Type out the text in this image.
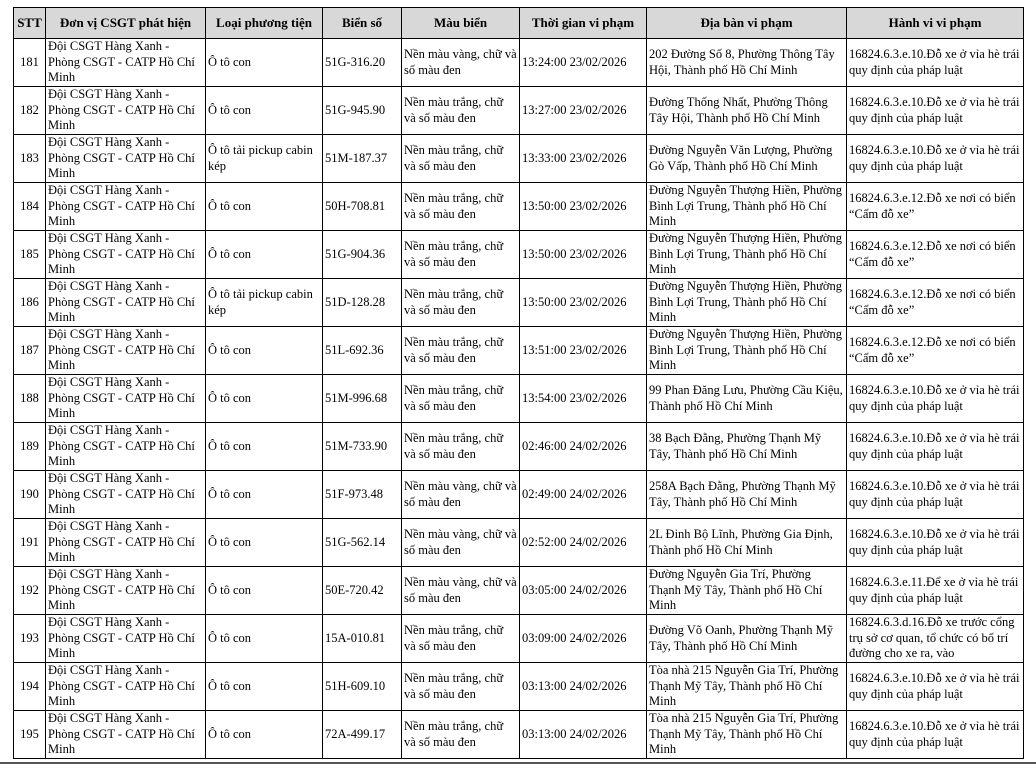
STT	Đơn vị CSGT phát hiện	Loại phương tiện	Biển số	Màu biển	Thời gian vi phạm	Địa bàn vi phạm	Hành vi vi phạm
181	Đội CSGT Hàng Xanh - Phòng CSGT - CATP Hồ Chí Minh	Ô tô con	51G-316.20	Nền màu vàng, chữ và số màu đen	13:24:00 23/02/2026	202 Đường Số 8, Phường Thông Tây Hội, Thành phố Hồ Chí Minh	16824.6.3.e.10.Đỗ xe ở vỉa hè trái quy định của pháp luật
182	Đội CSGT Hàng Xanh - Phòng CSGT - CATP Hồ Chí Minh	Ô tô con	51G-945.90	Nền màu trắng, chữ và số màu đen	13:27:00 23/02/2026	Đường Thống Nhất, Phường Thông Tây Hội, Thành phố Hồ Chí Minh	16824.6.3.e.10.Đỗ xe ở vỉa hè trái quy định của pháp luật
183	Đội CSGT Hàng Xanh - Phòng CSGT - CATP Hồ Chí Minh	Ô tô tải pickup cabin kép	51M-187.37	Nền màu trắng, chữ và số màu đen	13:33:00 23/02/2026	Đường Nguyễn Văn Lượng, Phường Gò Vấp, Thành phố Hồ Chí Minh	16824.6.3.e.10.Đỗ xe ở vỉa hè trái quy định của pháp luật
184	Đội CSGT Hàng Xanh - Phòng CSGT - CATP Hồ Chí Minh	Ô tô con	50H-708.81	Nền màu trắng, chữ và số màu đen	13:50:00 23/02/2026	Đường Nguyễn Thượng Hiền, Phường Bình Lợi Trung, Thành phố Hồ Chí Minh	16824.6.3.e.12.Đỗ xe nơi có biển “Cấm đỗ xe”
185	Đội CSGT Hàng Xanh - Phòng CSGT - CATP Hồ Chí Minh	Ô tô con	51G-904.36	Nền màu trắng, chữ và số màu đen	13:50:00 23/02/2026	Đường Nguyễn Thượng Hiền, Phường Bình Lợi Trung, Thành phố Hồ Chí Minh	16824.6.3.e.12.Đỗ xe nơi có biển “Cấm đỗ xe”
186	Đội CSGT Hàng Xanh - Phòng CSGT - CATP Hồ Chí Minh	Ô tô tải pickup cabin kép	51D-128.28	Nền màu trắng, chữ và số màu đen	13:50:00 23/02/2026	Đường Nguyễn Thượng Hiền, Phường Bình Lợi Trung, Thành phố Hồ Chí Minh	16824.6.3.e.12.Đỗ xe nơi có biển “Cấm đỗ xe”
187	Đội CSGT Hàng Xanh - Phòng CSGT - CATP Hồ Chí Minh	Ô tô con	51L-692.36	Nền màu trắng, chữ và số màu đen	13:51:00 23/02/2026	Đường Nguyễn Thượng Hiền, Phường Bình Lợi Trung, Thành phố Hồ Chí Minh	16824.6.3.e.12.Đỗ xe nơi có biển “Cấm đỗ xe”
188	Đội CSGT Hàng Xanh - Phòng CSGT - CATP Hồ Chí Minh	Ô tô con	51M-996.68	Nền màu trắng, chữ và số màu đen	13:54:00 23/02/2026	99 Phan Đăng Lưu, Phường Cầu Kiệu, Thành phố Hồ Chí Minh	16824.6.3.e.10.Đỗ xe ở vỉa hè trái quy định của pháp luật
189	Đội CSGT Hàng Xanh - Phòng CSGT - CATP Hồ Chí Minh	Ô tô con	51M-733.90	Nền màu trắng, chữ và số màu đen	02:46:00 24/02/2026	38 Bạch Đằng, Phường Thạnh Mỹ Tây, Thành phố Hồ Chí Minh	16824.6.3.e.10.Đỗ xe ở vỉa hè trái quy định của pháp luật
190	Đội CSGT Hàng Xanh - Phòng CSGT - CATP Hồ Chí Minh	Ô tô con	51F-973.48	Nền màu vàng, chữ và số màu đen	02:49:00 24/02/2026	258A Bạch Đằng, Phường Thạnh Mỹ Tây, Thành phố Hồ Chí Minh	16824.6.3.e.10.Đỗ xe ở vỉa hè trái quy định của pháp luật
191	Đội CSGT Hàng Xanh - Phòng CSGT - CATP Hồ Chí Minh	Ô tô con	51G-562.14	Nền màu vàng, chữ và số màu đen	02:52:00 24/02/2026	2L Đinh Bộ Lĩnh, Phường Gia Định, Thành phố Hồ Chí Minh	16824.6.3.e.10.Đỗ xe ở vỉa hè trái quy định của pháp luật
192	Đội CSGT Hàng Xanh - Phòng CSGT - CATP Hồ Chí Minh	Ô tô con	50E-720.42	Nền màu vàng, chữ và số màu đen	03:05:00 24/02/2026	Đường Nguyễn Gia Trí, Phường Thạnh Mỹ Tây, Thành phố Hồ Chí Minh	16824.6.3.e.11.Để xe ở vỉa hè trái quy định của pháp luật
193	Đội CSGT Hàng Xanh - Phòng CSGT - CATP Hồ Chí Minh	Ô tô con	15A-010.81	Nền màu trắng, chữ và số màu đen	03:09:00 24/02/2026	Đường Võ Oanh, Phường Thạnh Mỹ Tây, Thành phố Hồ Chí Minh	16824.6.3.d.16.Đỗ xe trước cổng trụ sở cơ quan, tổ chức có bố trí đường cho xe ra, vào
194	Đội CSGT Hàng Xanh - Phòng CSGT - CATP Hồ Chí Minh	Ô tô con	51H-609.10	Nền màu trắng, chữ và số màu đen	03:13:00 24/02/2026	Tòa nhà 215 Nguyễn Gia Trí, Phường Thạnh Mỹ Tây, Thành phố Hồ Chí Minh	16824.6.3.e.10.Đỗ xe ở vỉa hè trái quy định của pháp luật
195	Đội CSGT Hàng Xanh - Phòng CSGT - CATP Hồ Chí Minh	Ô tô con	72A-499.17	Nền màu trắng, chữ và số màu đen	03:13:00 24/02/2026	Tòa nhà 215 Nguyễn Gia Trí, Phường Thạnh Mỹ Tây, Thành phố Hồ Chí Minh	16824.6.3.e.10.Đỗ xe ở vỉa hè trái quy định của pháp luật
